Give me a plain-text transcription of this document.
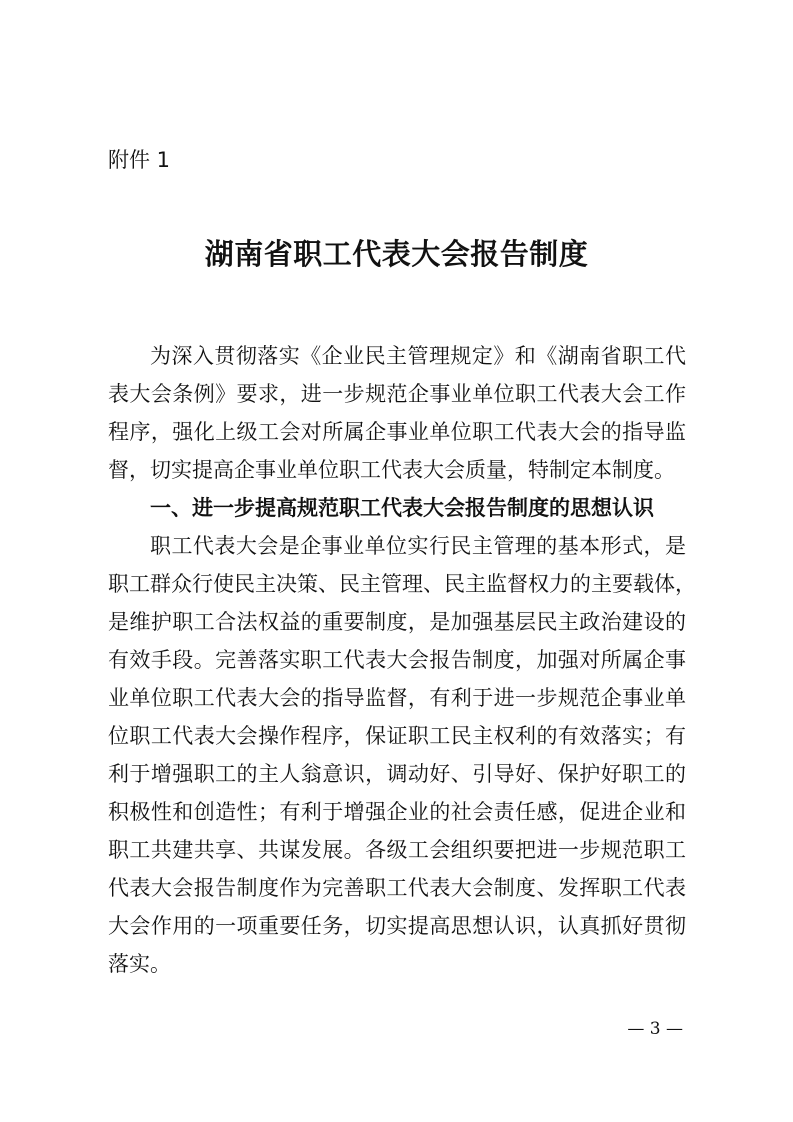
附件 1
湖南省职工代表大会报告制度
为深入贯彻落实《企业民主管理规定》和《湖南省职工代
表大会条例》要求，进一步规范企事业单位职工代表大会工作
程序，强化上级工会对所属企事业单位职工代表大会的指导监
督，切实提高企事业单位职工代表大会质量，特制定本制度。
一、进一步提高规范职工代表大会报告制度的思想认识
职工代表大会是企事业单位实行民主管理的基本形式，是
职工群众行使民主决策、民主管理、民主监督权力的主要载体，
是维护职工合法权益的重要制度，是加强基层民主政治建设的
有效手段。完善落实职工代表大会报告制度，加强对所属企事
业单位职工代表大会的指导监督，有利于进一步规范企事业单
位职工代表大会操作程序，保证职工民主权利的有效落实；有
利于增强职工的主人翁意识，调动好、引导好、保护好职工的
积极性和创造性；有利于增强企业的社会责任感，促进企业和
职工共建共享、共谋发展。各级工会组织要把进一步规范职工
代表大会报告制度作为完善职工代表大会制度、发挥职工代表
大会作用的一项重要任务，切实提高思想认识，认真抓好贯彻
落实。
— 3 —
